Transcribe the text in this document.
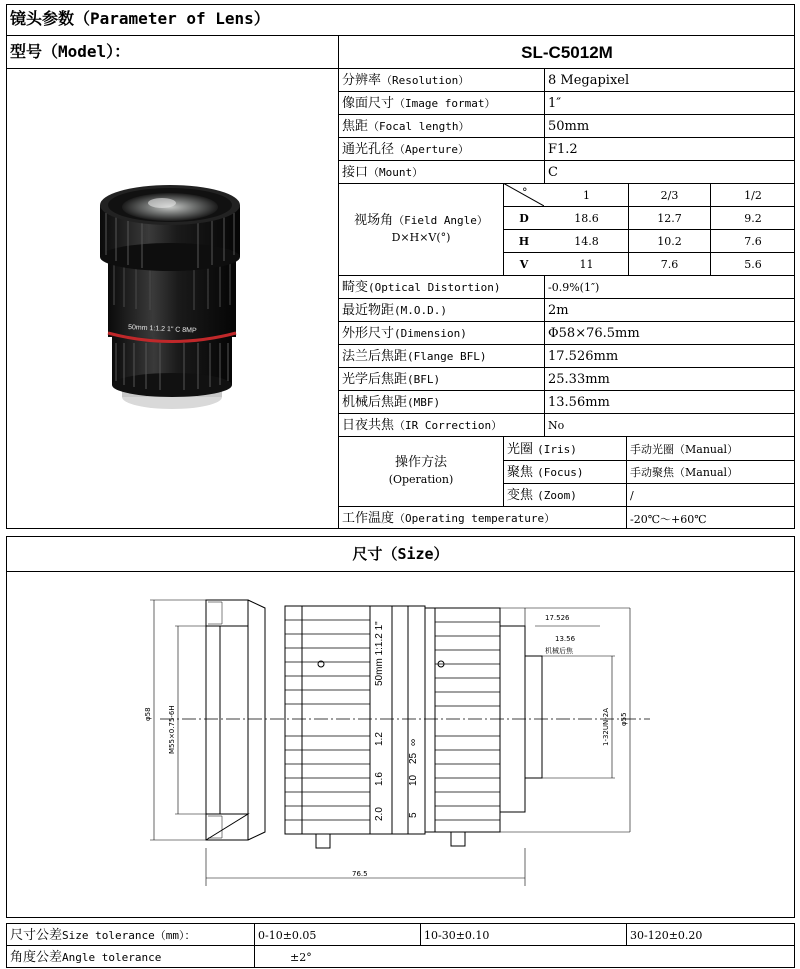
镜头参数（Parameter of Lens）
型号（Model）：	SL-C5012M
分辨率（Resolution）	8 Megapixel
像面尺寸（Image format）	1″
焦距（Focal length）	50mm
通光孔径（Aperture）	F1.2
接口（Mount）	C
视场角（Field Angle）
D×H×V(°)
°	1	2/3	1/2
D	18.6	12.7	9.2
H	14.8	10.2	7.6
V	11	7.6	5.6
畸变(Optical Distortion)	-0.9%(1″)
最近物距(M.O.D.)	2m
外形尺寸(Dimension)	Φ58×76.5mm
法兰后焦距(Flange BFL)	17.526mm
光学后焦距(BFL)	25.33mm
机械后焦距(MBF)	13.56mm
日夜共焦（IR Correction）	No
操作方法
(Operation)
光圈 (Iris)	手动光圈（Manual）
聚焦 (Focus)	手动聚焦（Manual）
变焦 (Zoom)	/
工作温度（Operating temperature）	-20℃～+60℃
50mm 1:1.2 1" C 8MP
尺寸（Size）
φ58 M55×0.75-6H	φ55
1-32UN-2A
76.5
17.526
13.56
机械后焦
50mm 1:1.2 1"
1.2
1.6
2.0
∞
25
10
5
尺寸公差Size tolerance（mm）：	0-10±0.05	10-30±0.10	30-120±0.20
角度公差Angle tolerance	±2°
